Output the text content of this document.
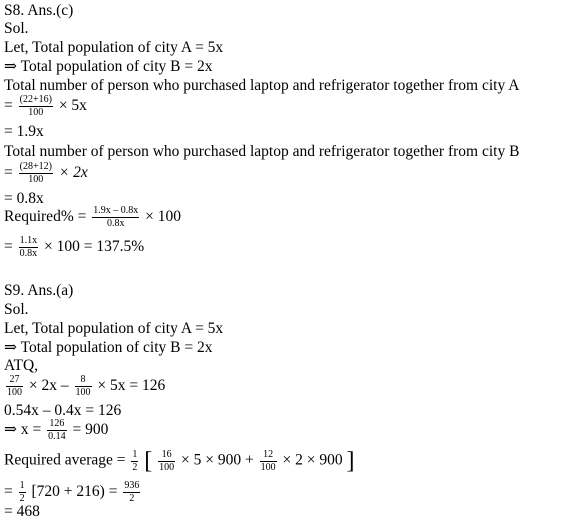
S8. Ans.(c)
Sol.
Let, Total population of city A = 5x
⇒ Total population of city B = 2x
Total number of person who purchased laptop and refrigerator together from city A
= $\frac{(22+16)}{100} \times 5x$
= 1.9x
Total number of person who purchased laptop and refrigerator together from city B
= $\frac{(28+12)}{100} \times 2x$
= 0.8x
Required% = $\frac{1.9x - 0.8x}{0.8x} \times 100$
= $\frac{1.1x}{0.8x} \times 100 = 137.5\%$
S9. Ans.(a)
Sol.
Let, Total population of city A = 5x
⇒ Total population of city B = 2x
ATQ,
$\frac{27}{100} \times 2x - \frac{8}{100} \times 5x = 126$
0.54x – 0.4x = 126
⇒ $x = \frac{126}{0.14} = 900$
Required average = $\frac{1}{2}$ [ $\frac{16}{100} \times 5 \times 900 + \frac{12}{100} \times 2 \times 900$ ]
= $\frac{1}{2} [720 + 216) = \frac{936}{2}$
= 468
